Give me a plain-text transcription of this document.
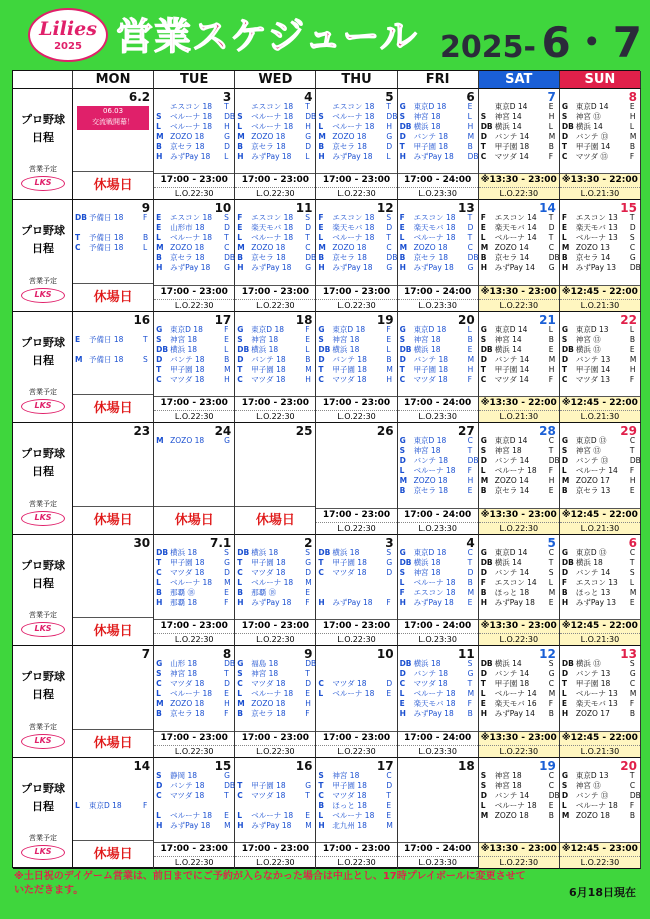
Lilies
2025 営業スケジュール 2025- 6・7
MON	TUE	WED	THU	FRI	SAT	SUN
プロ野球 日程
営業予定
LKS
6.2
06.03
交流戦開幕！
休場日
3
エスコン 18 T
S ベルーナ 18 DB
L ベルーナ 18 H
M ZOZO 18	G
B 京セラ 18	D
H みずPay 18 L
17:00 - 23:00
L.O.22:30
4
エスコン 18 T
S ベルーナ 18 DB
L ベルーナ 18 H
M ZOZO 18	G
B 京セラ 18	D
H みずPay 18 L
17:00 - 23:00
L.O.22:30
5
エスコン 18 T
S ベルーナ 18 DB
L ベルーナ 18 H
M ZOZO 18	G
B 京セラ 18	D
H みずPay 18 L
17:00 - 23:00
L.O.22:30
6
G 東京D 18	E
S 神宮 18	L
DB 横浜 18	H
D バンテ 18	M
T 甲子園 18	B
H みずPay 18 DB
17:00 - 24:00
L.O.23:30
7
東京D 14	E
S 神宮 14	H
DB 横浜 14	L
D バンテ 14	M
T 甲子園 18	B
C マツダ 14	F
※13:30 - 23:00
L.O.22:30
8
G 東京D 14	E
S 神宮 ⑬	H
DB 横浜 14	L
D バンテ ⑬	M
T 甲子園 14	B
C マツダ ⑬	F
※13:30 - 22:00
L.O.21:30
プロ野球 日程
営業予定
LKS
9
DB 予備日 18	F
T 予備日 18	B
C 予備日 18	L
休場日
10
E エスコン 18 S
E 山形市 18	D
L ベルーナ 18 T
M ZOZO 18	C
B 京セラ 18	DB
H みずPay 18 G
17:00 - 23:00
L.O.22:30
11
F エスコン 18 S
E 楽天モバ 18 D
L ベルーナ 18 T
M ZOZO 18	C
B 京セラ 18	DB
H みずPay 18 G
17:00 - 23:00
L.O.22:30
12
F エスコン 18 S
E 楽天モバ 18 D
L ベルーナ 18 T
M ZOZO 18	C
B 京セラ 18	DB
H みずPay 18 G
17:00 - 23:00
L.O.22:30
13
F エスコン 18 T
E 楽天モバ 18 D
L ベルーナ 18 T
M ZOZO 18	C
B 京セラ 18	DB
H みずPay 18 G
17:00 - 24:00
L.O.23:30
14
F エスコン 14 T
E 楽天モバ 14 D
L ベルーナ 14 T
M ZOZO 14	C
B 京セラ 14	DB
H みずPay 14 G
※13:30 - 23:00
L.O.22:30
15
F エスコン 13 T
E 楽天モバ 13 D
L ベルーナ 13 S
M ZOZO 13	C
B 京セラ 14	G
H みずPay 13 DB
※12:45 - 22:00
L.O.21:30
プロ野球 日程
営業予定
LKS
16
E 予備日 18	T
M 予備日 18	S
休場日
17
G 東京D 18	F
S 神宮 18	E
DB 横浜 18	L
D バンテ 18	B
T 甲子園 18	M
C マツダ 18	H
17:00 - 23:00
L.O.22:30
18
G 東京D 18	F
S 神宮 18	E
DB 横浜 18	L
D バンテ 18	B
T 甲子園 18	M
C マツダ 18	H
17:00 - 23:00
L.O.22:30
19
G 東京D 18	F
S 神宮 18	E
DB 横浜 18	L
D バンテ 18	B
T 甲子園 18	M
C マツダ 18	H
17:00 - 23:00
L.O.22:30
20
G 東京D 18	L
S 神宮 18	B
DB 横浜 18	E
D バンテ 18	M
T 甲子園 18	H
C マツダ 18	F
17:00 - 24:00
L.O.23:30
21
G 東京D 14	L
S 神宮 14	B
DB 横浜 14	E
D バンテ 14	M
T 甲子園 14	H
C マツダ 14	F
※13:30 - 22:00
L.O.21:30
22
G 東京D 13	L
S 神宮 ⑬	B
DB 横浜 ⑬	E
D バンテ 13	M
T 甲子園 14	H
C マツダ 13	F
※12:45 - 22:00
L.O.21:30
プロ野球 日程
営業予定
LKS
23
休場日
24
M ZOZO 18	G
休場日
25
休場日
26
17:00 - 23:00
L.O.22:30
27
G 東京D 18	C
S 神宮 18	T
D バンテ 18	DB
L ベルーナ 18 F
M ZOZO 18	H
B 京セラ 18	E
17:00 - 24:00
L.O.23:30
28
G 東京D 14	C
S 神宮 18	T
D バンテ 14	DB
L ベルーナ 18 F
M ZOZO 14	H
B 京セラ 14	E
※13:30 - 23:00
L.O.22:30
29
G 東京D ⑬	C
S 神宮 ⑬	T
D バンテ ⑬	DB
L ベルーナ 14 F
M ZOZO 17	H
B 京セラ 13	E
※12:45 - 22:00
L.O.21:30
プロ野球 日程
営業予定
LKS
30
休場日
7.1
DB 横浜 18	S
T 甲子園 18	G
C マツダ 18	D
L ベルーナ 18 M
B 那覇 ⑱	E
H 那覇 18	F
17:00 - 23:00
L.O.22:30
2
DB 横浜 18	S
T 甲子園 18	G
C マツダ 18	D
L ベルーナ 18 M
B 那覇 ⑱	E
H みずPay 18 F
17:00 - 23:00
L.O.22:30
3
DB 横浜 18	S
T 甲子園 18	G
C マツダ 18	D
H みずPay 18 F
17:00 - 23:00
L.O.22:30
4
G 東京D 18	C
DB 横浜 18	T
S 神宮 18	D
L ベルーナ 18 B
F エスコン 18 M
H みずPay 18 E
17:00 - 24:00
L.O.23:30
5
G 東京D 14	C
DB 横浜 14	T
D バンテ 14	S
F エスコン 14 L
B ほっと 18	M
H みずPay 18 E
※13:30 - 23:00
L.O.22:30
6
G 東京D ⑬	C
DB 横浜 18	T
D バンテ 14	S
F エスコン 13 L
B ほっと 13	M
H みずPay 13 E
※12:45 - 22:00
L.O.21:30
プロ野球 日程
営業予定
LKS
7
休場日
8
G 山形 18	DB
S 神宮 18	T
C マツダ 18	D
L ベルーナ 18 E
M ZOZO 18	H
B 京セラ 18	F
17:00 - 23:00
L.O.22:30
9
G 福島 18	DB
S 神宮 18	T
C マツダ 18	D
L ベルーナ 18 E
M ZOZO 18	H
B 京セラ 18	F
17:00 - 23:00
L.O.22:30
10
C マツダ 18	D
L ベルーナ 18 E
17:00 - 23:00
L.O.22:30
11
DB 横浜 18	S
D バンテ 18	G
C マツダ 18	T
L ベルーナ 18 M
E 楽天モバ 18 F
H みずPay 18 B
17:00 - 24:00
L.O.23:30
12
DB 横浜 14	S
D バンテ 14	G
T 甲子園 18	C
L ベルーナ 14 M
E 楽天モバ 16 F
H みずPay 14 B
※13:30 - 23:00
L.O.22:30
13
DB 横浜 ⑬	S
D バンテ 13	G
T 甲子園 18	C
L ベルーナ 13 M
E 楽天モバ 13 F
H ZOZO 17	B
※12:45 - 22:00
L.O.21:30
プロ野球 日程
営業予定
LKS
14
L 東京D 18	F
休場日
15
S 静岡 18	G
D バンテ 18	DB
C マツダ 18	T
L ベルーナ 18 E
H みずPay 18 M
17:00 - 23:00
L.O.22:30
16
T 甲子園 18	G
C マツダ 18	T
L ベルーナ 18 E
H みずPay 18 M
17:00 - 23:00
L.O.22:30
17
S 神宮 18	C
T 甲子園 18	D
C マツダ 18	T
B ほっと 18	E
L ベルーナ 18 E
H 北九州 18	M
17:00 - 23:00
L.O.22:30
18
17:00 - 24:00
L.O.23:30
19
S 神宮 18	C
S 神宮 18	C
D バンテ 14	DB
L ベルーナ 18 E
M ZOZO 18	B
※13:30 - 23:00
L.O.22:30
20
G 東京D 13	T
S 神宮 ⑬	C
D バンテ ⑬	DB
L ベルーナ 18 F
M ZOZO 18	B
※12:45 - 23:00
L.O.22:30
※土日祝のデイゲーム営業は、前日までにご予約が入らなかった場合は中止とし、17時プレイボールに変更させていただきます。	6月18日現在
